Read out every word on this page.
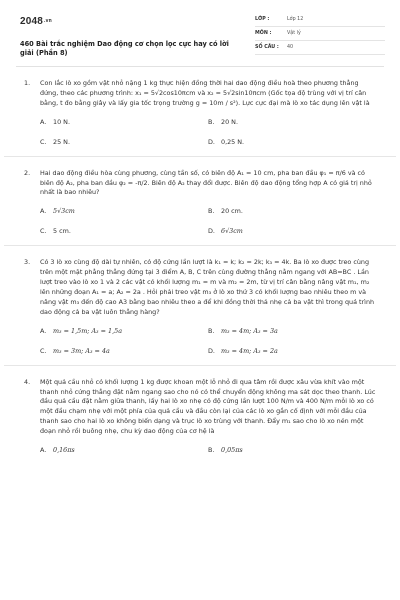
$2048^{.vn}$
460 Bài trắc nghiệm Dao động cơ chọn lọc cực hay có lời giải (Phần 8)
LỚP :	Lớp 12
MÔN :	Vật lý
SỐ CÂU :	40
1.	Con lắc lò xo gồm vật nhỏ nặng 1 kg thực hiện đồng thời hai dao động điều hoà theo phương thẳng đứng, theo các phương trình: x₁ = 5√2cos10πcm và x₂ = 5√2sin10πcm (Gốc tọa độ trùng với vị trí cân bằng, t đo bằng giây và lấy gia tốc trọng trường g = 10m / s²). Lực cực đại mà lò xo tác dụng lên vật là
A.	10 N.	B.	20 N.
C.	25 N.	D. 0,25 N.
2.	Hai dao động điều hòa cùng phương, cùng tần số, có biên độ A₁ = 10 cm, pha ban đầu φ₁ = π/6 và có biên độ A₂, pha ban đầu φ₂ = -π/2. Biên độ A₂ thay đổi được. Biên độ dao động tổng hợp A có giá trị nhỏ nhất là bao nhiêu?
A.	5√3cm	B.	20 cm.
C.	5 cm.	D. 6√3cm
3.	Có 3 lò xo cùng độ dài tự nhiên, có độ cứng lần lượt là k₁ = k; k₂ = 2k; k₃ = 4k. Ba lò xo được treo cùng trên một mặt phẳng thẳng đứng tại 3 điểm A, B, C trên cùng đường thẳng nằm ngang với AB=BC . Lần lượt treo vào lò xo 1 và 2 các vật có khối lượng m₁ = m và m₂ = 2m, từ vị trí cân bằng nâng vật m₁, m₂ lên những đoạn A₁ = a; A₂ = 2a . Hỏi phải treo vật m₃ ở lò xo thứ 3 có khối lượng bao nhiêu theo m và nâng vật m₃ đến độ cao A3 bằng bao nhiêu theo a để khi đồng thời thả nhẹ cả ba vật thì trong quá trình dao động cả ba vật luôn thẳng hàng?
A.	m₃ = 1,5m; A₃ = 1,5a	B.	m₃ = 4m; A₃ = 3a
C.	m₃ = 3m; A₃ = 4a	D. m₃ = 4m; A₃ = 2a
4.	Một quả cầu nhỏ có khối lượng 1 kg được khoan một lỗ nhỏ đi qua tâm rồi được xâu vừa khít vào một thanh nhỏ cứng thẳng đặt nằm ngang sao cho nó có thể chuyển động không ma sát dọc theo thanh. Lúc đầu quả cầu đặt nằm giữa thanh, lấy hai lò xo nhẹ có độ cứng lần lượt 100 N/m và 400 N/m mỗi lò xo có một đầu chạm nhẹ với một phía của quả cầu và đầu còn lại của các lò xo gắn cố định với mỗi đầu của thanh sao cho hai lò xo không biến dạng và trục lò xo trùng với thanh. Đẩy m₁ sao cho lò xo nén một đoạn nhỏ rồi buông nhẹ, chu kỳ dao động của cơ hệ là
A.	0,16πs	B.	0,05πs
